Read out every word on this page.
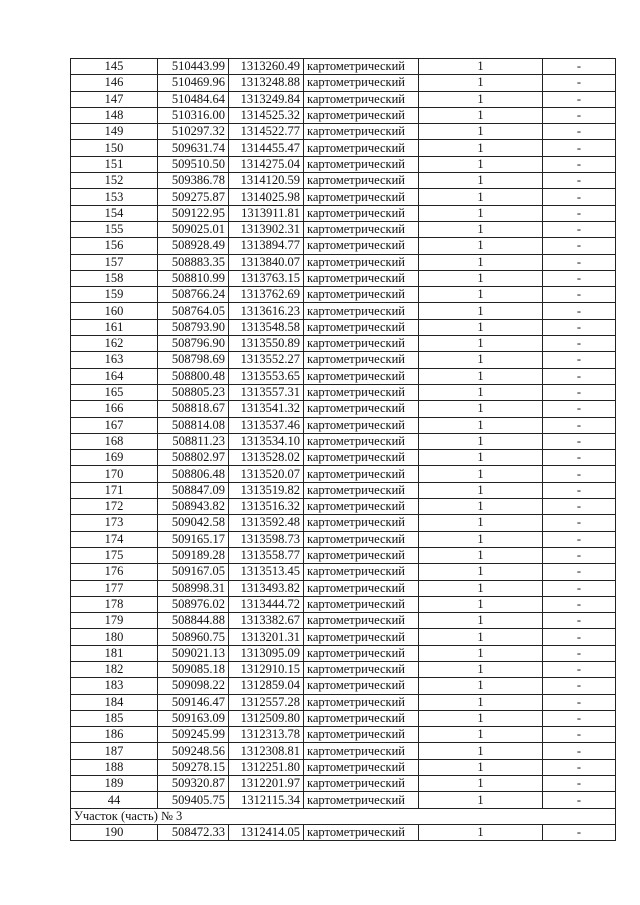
145	510443.99	1313260.49	картометрический	1	-
146	510469.96	1313248.88	картометрический	1	-
147	510484.64	1313249.84	картометрический	1	-
148	510316.00	1314525.32	картометрический	1	-
149	510297.32	1314522.77	картометрический	1	-
150	509631.74	1314455.47	картометрический	1	-
151	509510.50	1314275.04	картометрический	1	-
152	509386.78	1314120.59	картометрический	1	-
153	509275.87	1314025.98	картометрический	1	-
154	509122.95	1313911.81	картометрический	1	-
155	509025.01	1313902.31	картометрический	1	-
156	508928.49	1313894.77	картометрический	1	-
157	508883.35	1313840.07	картометрический	1	-
158	508810.99	1313763.15	картометрический	1	-
159	508766.24	1313762.69	картометрический	1	-
160	508764.05	1313616.23	картометрический	1	-
161	508793.90	1313548.58	картометрический	1	-
162	508796.90	1313550.89	картометрический	1	-
163	508798.69	1313552.27	картометрический	1	-
164	508800.48	1313553.65	картометрический	1	-
165	508805.23	1313557.31	картометрический	1	-
166	508818.67	1313541.32	картометрический	1	-
167	508814.08	1313537.46	картометрический	1	-
168	508811.23	1313534.10	картометрический	1	-
169	508802.97	1313528.02	картометрический	1	-
170	508806.48	1313520.07	картометрический	1	-
171	508847.09	1313519.82	картометрический	1	-
172	508943.82	1313516.32	картометрический	1	-
173	509042.58	1313592.48	картометрический	1	-
174	509165.17	1313598.73	картометрический	1	-
175	509189.28	1313558.77	картометрический	1	-
176	509167.05	1313513.45	картометрический	1	-
177	508998.31	1313493.82	картометрический	1	-
178	508976.02	1313444.72	картометрический	1	-
179	508844.88	1313382.67	картометрический	1	-
180	508960.75	1313201.31	картометрический	1	-
181	509021.13	1313095.09	картометрический	1	-
182	509085.18	1312910.15	картометрический	1	-
183	509098.22	1312859.04	картометрический	1	-
184	509146.47	1312557.28	картометрический	1	-
185	509163.09	1312509.80	картометрический	1	-
186	509245.99	1312313.78	картометрический	1	-
187	509248.56	1312308.81	картометрический	1	-
188	509278.15	1312251.80	картометрический	1	-
189	509320.87	1312201.97	картометрический	1	-
44	509405.75	1312115.34	картометрический	1	-
Участок (часть) № 3					
190	508472.33	1312414.05	картометрический	1	-
